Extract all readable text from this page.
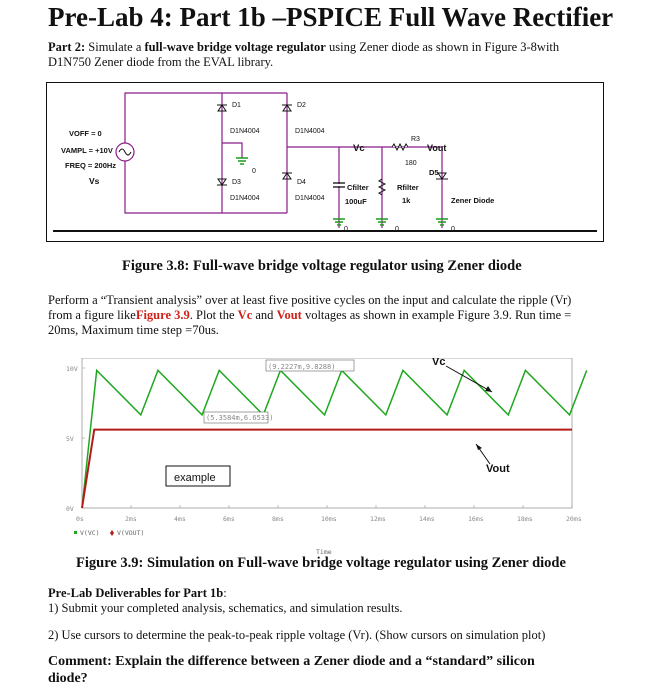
Pre-Lab 4: Part 1b –PSPICE Full Wave Rectifier
Part 2: Simulate a full-wave bridge voltage regulator using Zener diode as shown in Figure 3-8with
D1N750 Zener diode from the EVAL library.
D1	D2
D3	D4
D1N4004	D1N4004
D1N4004	D1N4004
R3
180
0
0	0	0
VOFF = 0
VAMPL = +10V
FREQ = 200Hz
Vs
Cfilter
100uF
Rfilter
1k
D5
Zener Diode
Vc	Vout
Figure 3.8: Full-wave bridge voltage regulator using Zener diode
Perform a “Transient analysis” over at least five positive cycles on the input and calculate the ripple (Vr)
from a figure likeFigure 3.9. Plot the Vc and Vout voltages as shown in example Figure 3.9. Run time =
20ms, Maximum time step =70us.
0s	2ms	4ms	6ms	8ms	10ms	12ms	14ms	16ms	18ms	20ms
10V
5V
0V
(9.2227m,9.8288)
(5.3584m,6.6533)
Vc
Vout
example
V(VC)	V(VOUT)
Time
Figure 3.9: Simulation on Full-wave bridge voltage regulator using Zener diode
Pre-Lab Deliverables for Part 1b:
1) Submit your completed analysis, schematics, and simulation results.
2) Use cursors to determine the peak-to-peak ripple voltage (Vr). (Show cursors on simulation plot)
Comment: Explain the difference between a Zener diode and a “standard” silicon
diode?
